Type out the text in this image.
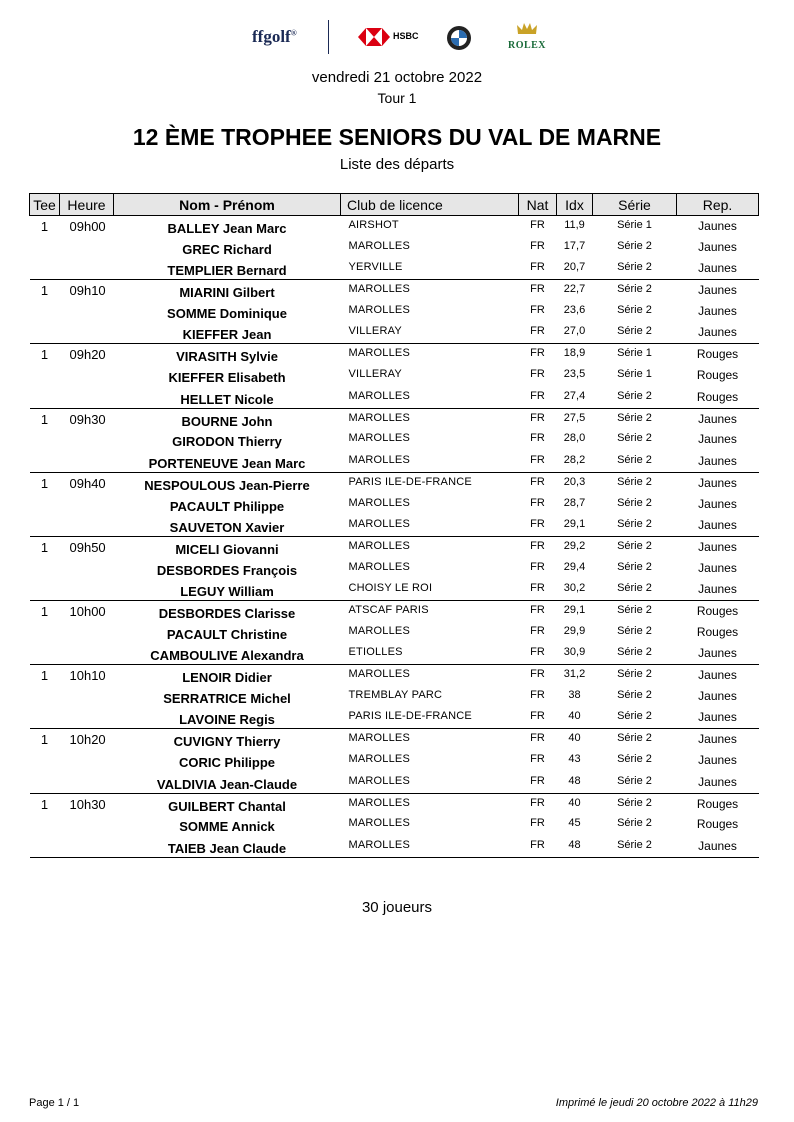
ffgolf®	HSBC
ROLEX
vendredi 21 octobre 2022
Tour 1
12 ÈME TROPHEE SENIORS DU VAL DE MARNE
Liste des départs
Tee	Heure	Nom - Prénom	Club de licence	Nat	Idx	Série	Rep.
1	09h00	BALLEY Jean Marc	AIRSHOT	FR	11,9	Série 1	Jaunes
		GREC Richard	MAROLLES	FR	17,7	Série 2	Jaunes
		TEMPLIER Bernard	YERVILLE	FR	20,7	Série 2	Jaunes
1	09h10	MIARINI Gilbert	MAROLLES	FR	22,7	Série 2	Jaunes
		SOMME Dominique	MAROLLES	FR	23,6	Série 2	Jaunes
		KIEFFER Jean	VILLERAY	FR	27,0	Série 2	Jaunes
1	09h20	VIRASITH Sylvie	MAROLLES	FR	18,9	Série 1	Rouges
		KIEFFER Elisabeth	VILLERAY	FR	23,5	Série 1	Rouges
		HELLET Nicole	MAROLLES	FR	27,4	Série 2	Rouges
1	09h30	BOURNE John	MAROLLES	FR	27,5	Série 2	Jaunes
		GIRODON Thierry	MAROLLES	FR	28,0	Série 2	Jaunes
		PORTENEUVE Jean Marc	MAROLLES	FR	28,2	Série 2	Jaunes
1	09h40	NESPOULOUS Jean-Pierre	PARIS ILE-DE-FRANCE	FR	20,3	Série 2	Jaunes
		PACAULT Philippe	MAROLLES	FR	28,7	Série 2	Jaunes
		SAUVETON Xavier	MAROLLES	FR	29,1	Série 2	Jaunes
1	09h50	MICELI Giovanni	MAROLLES	FR	29,2	Série 2	Jaunes
		DESBORDES François	MAROLLES	FR	29,4	Série 2	Jaunes
		LEGUY William	CHOISY LE ROI	FR	30,2	Série 2	Jaunes
1	10h00	DESBORDES Clarisse	ATSCAF PARIS	FR	29,1	Série 2	Rouges
		PACAULT Christine	MAROLLES	FR	29,9	Série 2	Rouges
		CAMBOULIVE Alexandra	ETIOLLES	FR	30,9	Série 2	Jaunes
1	10h10	LENOIR Didier	MAROLLES	FR	31,2	Série 2	Jaunes
		SERRATRICE Michel	TREMBLAY PARC	FR	38	Série 2	Jaunes
		LAVOINE Regis	PARIS ILE-DE-FRANCE	FR	40	Série 2	Jaunes
1	10h20	CUVIGNY Thierry	MAROLLES	FR	40	Série 2	Jaunes
		CORIC Philippe	MAROLLES	FR	43	Série 2	Jaunes
		VALDIVIA Jean-Claude	MAROLLES	FR	48	Série 2	Jaunes
1	10h30	GUILBERT Chantal	MAROLLES	FR	40	Série 2	Rouges
		SOMME Annick	MAROLLES	FR	45	Série 2	Rouges
		TAIEB Jean Claude	MAROLLES	FR	48	Série 2	Jaunes
30 joueurs
Page 1 / 1	Imprimé le jeudi 20 octobre 2022 à 11h29
